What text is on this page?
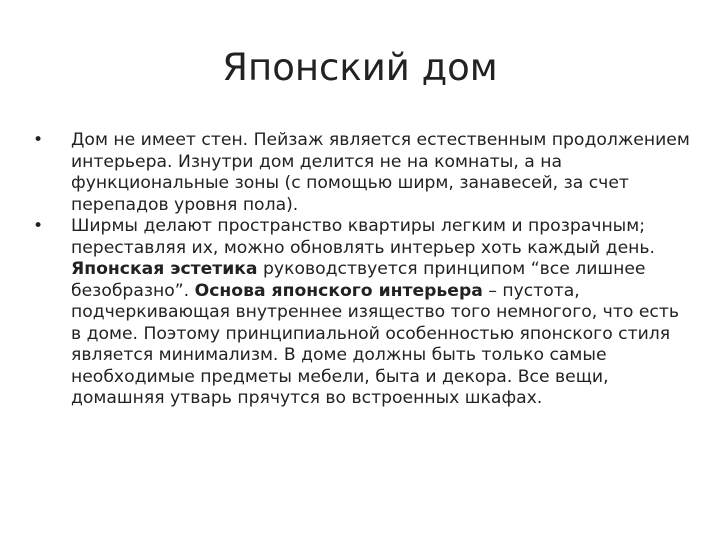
Японский дом
•	Дом не имеет стен. Пейзаж является естественным продолжением интерьера. Изнутри дом делится не на комнаты, а на функциональные зоны (с помощью ширм, занавесей, за счет перепадов уровня пола).
•	Ширмы делают пространство квартиры легким и прозрачным; переставляя их, можно обновлять интерьер хоть каждый день. Японская эстетика руководствуется принципом “все лишнее безобразно”. Основа японского интерьера – пустота, подчеркивающая внутреннее изящество того немногого, что есть в доме. Поэтому принципиальной особенностью японского стиля является минимализм. В доме должны быть только самые необходимые предметы мебели, быта и декора. Все вещи, домашняя утварь прячутся во встроенных шкафах.
